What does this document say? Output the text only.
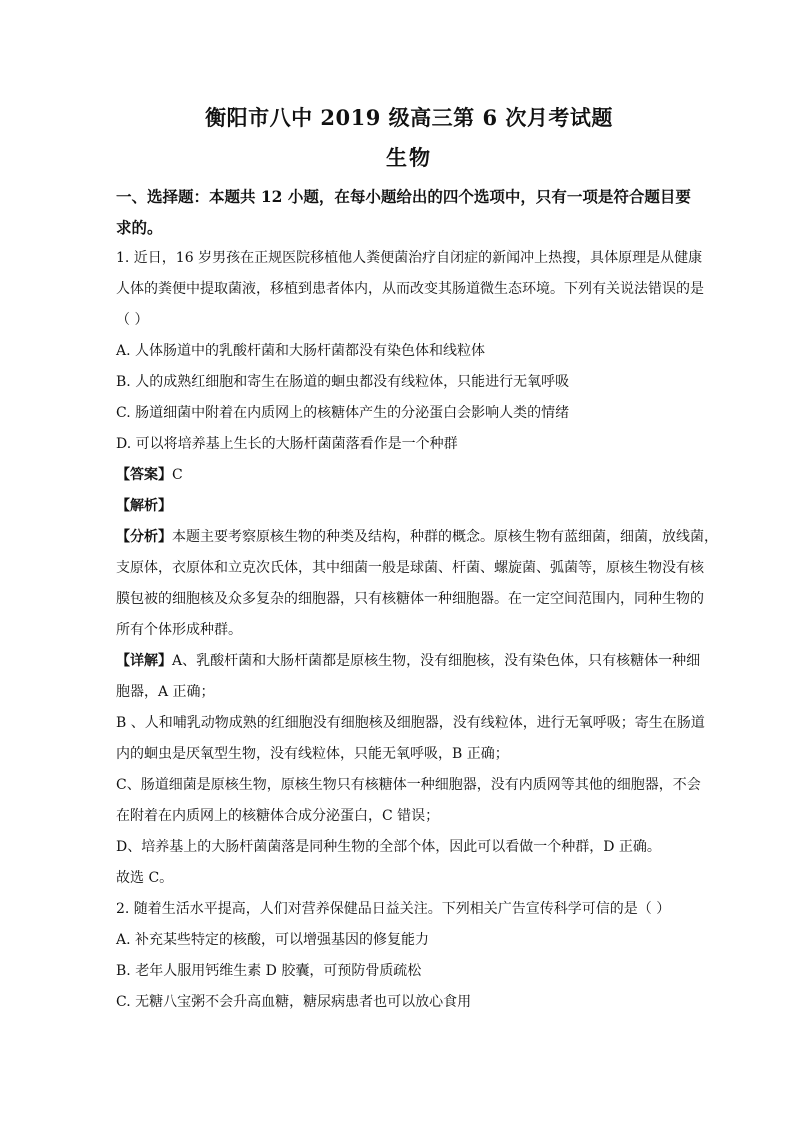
衡阳市八中 2019 级高三第 6 次月考试题
生物
一、选择题：本题共 12 小题，在每小题给出的四个选项中，只有一项是符合题目要
求的。
1. 近日，16 岁男孩在正规医院移植他人粪便菌治疗自闭症的新闻冲上热搜，具体原理是从健康
人体的粪便中提取菌液，移植到患者体内，从而改变其肠道微生态环境。下列有关说法错误的是
（ ）
A. 人体肠道中的乳酸杆菌和大肠杆菌都没有染色体和线粒体
B. 人的成熟红细胞和寄生在肠道的蛔虫都没有线粒体，只能进行无氧呼吸
C. 肠道细菌中附着在内质网上的核糖体产生的分泌蛋白会影响人类的情绪
D. 可以将培养基上生长的大肠杆菌菌落看作是一个种群
【答案】C
【解析】
【分析】本题主要考察原核生物的种类及结构，种群的概念。原核生物有蓝细菌，细菌，放线菌，
支原体，衣原体和立克次氏体，其中细菌一般是球菌、杆菌、螺旋菌、弧菌等，原核生物没有核
膜包被的细胞核及众多复杂的细胞器，只有核糖体一种细胞器。在一定空间范围内，同种生物的
所有个体形成种群。
【详解】A、乳酸杆菌和大肠杆菌都是原核生物，没有细胞核，没有染色体，只有核糖体一种细
胞器，A 正确；
B 、人和哺乳动物成熟的红细胞没有细胞核及细胞器，没有线粒体，进行无氧呼吸；寄生在肠道
内的蛔虫是厌氧型生物，没有线粒体，只能无氧呼吸，B 正确；
C、肠道细菌是原核生物，原核生物只有核糖体一种细胞器，没有内质网等其他的细胞器，不会
在附着在内质网上的核糖体合成分泌蛋白，C 错误；
D、培养基上的大肠杆菌菌落是同种生物的全部个体，因此可以看做一个种群，D 正确。
故选 C。
2. 随着生活水平提高，人们对营养保健品日益关注。下列相关广告宣传科学可信的是（ ）
A. 补充某些特定的核酸，可以增强基因的修复能力
B. 老年人服用钙维生素 D 胶囊，可预防骨质疏松
C. 无糖八宝粥不会升高血糖，糖尿病患者也可以放心食用
